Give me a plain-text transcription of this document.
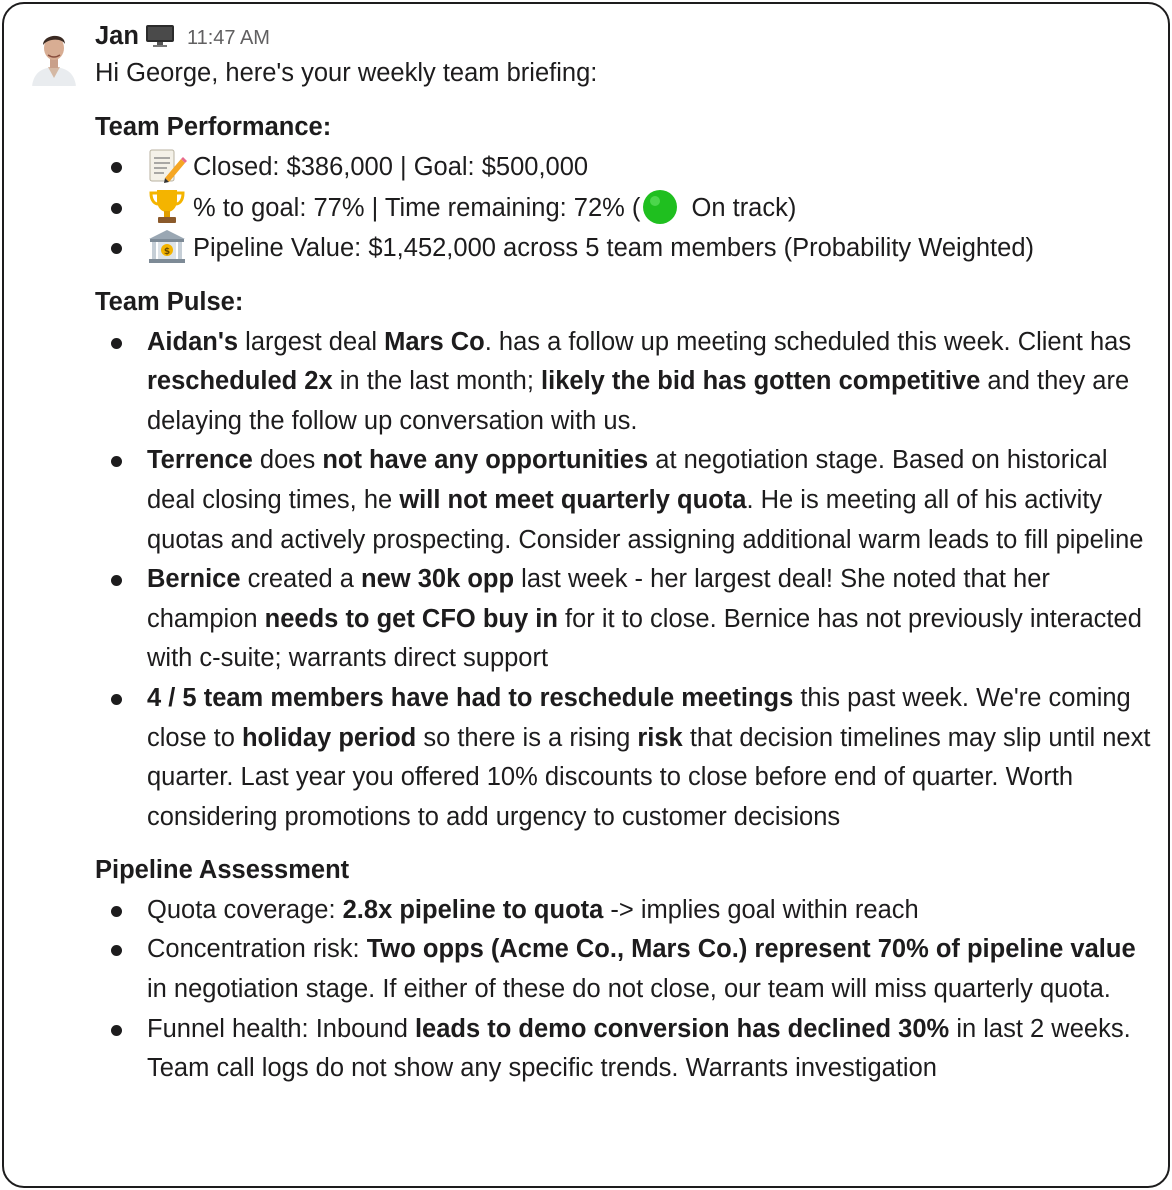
Jan 11:47 AM
Hi George, here's your weekly team briefing:
Team Performance:
Closed: $386,000 | Goal: $500,000
% to goal: 77% | Time remaining: 72% ( On track)
$ Pipeline Value: $1,452,000 across 5 team members (Probability Weighted)
Team Pulse:
Aidan's largest deal Mars Co. has a follow up meeting scheduled this week. Client has rescheduled 2x in the last month; likely the bid has gotten competitive and they are delaying the follow up conversation with us.
Terrence does not have any opportunities at negotiation stage. Based on historical deal closing times, he will not meet quarterly quota. He is meeting all of his activity quotas and actively prospecting. Consider assigning additional warm leads to fill pipeline
Bernice created a new 30k opp last week - her largest deal! She noted that her champion needs to get CFO buy in for it to close. Bernice has not previously interacted with c-suite; warrants direct support
4 / 5 team members have had to reschedule meetings this past week. We're coming close to holiday period so there is a rising risk that decision timelines may slip until next quarter. Last year you offered 10% discounts to close before end of quarter. Worth considering promotions to add urgency to customer decisions
Pipeline Assessment
Quota coverage: 2.8x pipeline to quota -> implies goal within reach
Concentration risk: Two opps (Acme Co., Mars Co.) represent 70% of pipeline value in negotiation stage. If either of these do not close, our team will miss quarterly quota.
Funnel health: Inbound leads to demo conversion has declined 30% in last 2 weeks. Team call logs do not show any specific trends. Warrants investigation
